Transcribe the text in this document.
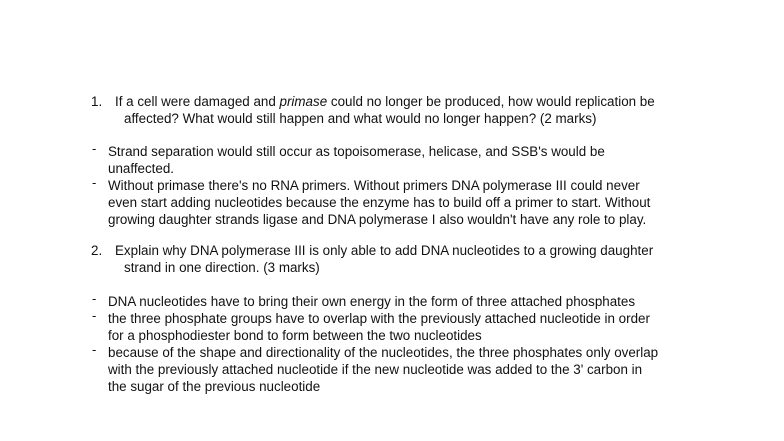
1. If a cell were damaged and primase could no longer be produced, how would replication be
affected? What would still happen and what would no longer happen? (2 marks)
- Strand separation would still occur as topoisomerase, helicase, and SSB's would be
unaffected.
- Without primase there's no RNA primers. Without primers DNA polymerase III could never
even start adding nucleotides because the enzyme has to build off a primer to start. Without
growing daughter strands ligase and DNA polymerase I also wouldn't have any role to play.
2. Explain why DNA polymerase III is only able to add DNA nucleotides to a growing daughter
strand in one direction. (3 marks)
- DNA nucleotides have to bring their own energy in the form of three attached phosphates
- the three phosphate groups have to overlap with the previously attached nucleotide in order
for a phosphodiester bond to form between the two nucleotides
- because of the shape and directionality of the nucleotides, the three phosphates only overlap
with the previously attached nucleotide if the new nucleotide was added to the 3' carbon in
the sugar of the previous nucleotide
